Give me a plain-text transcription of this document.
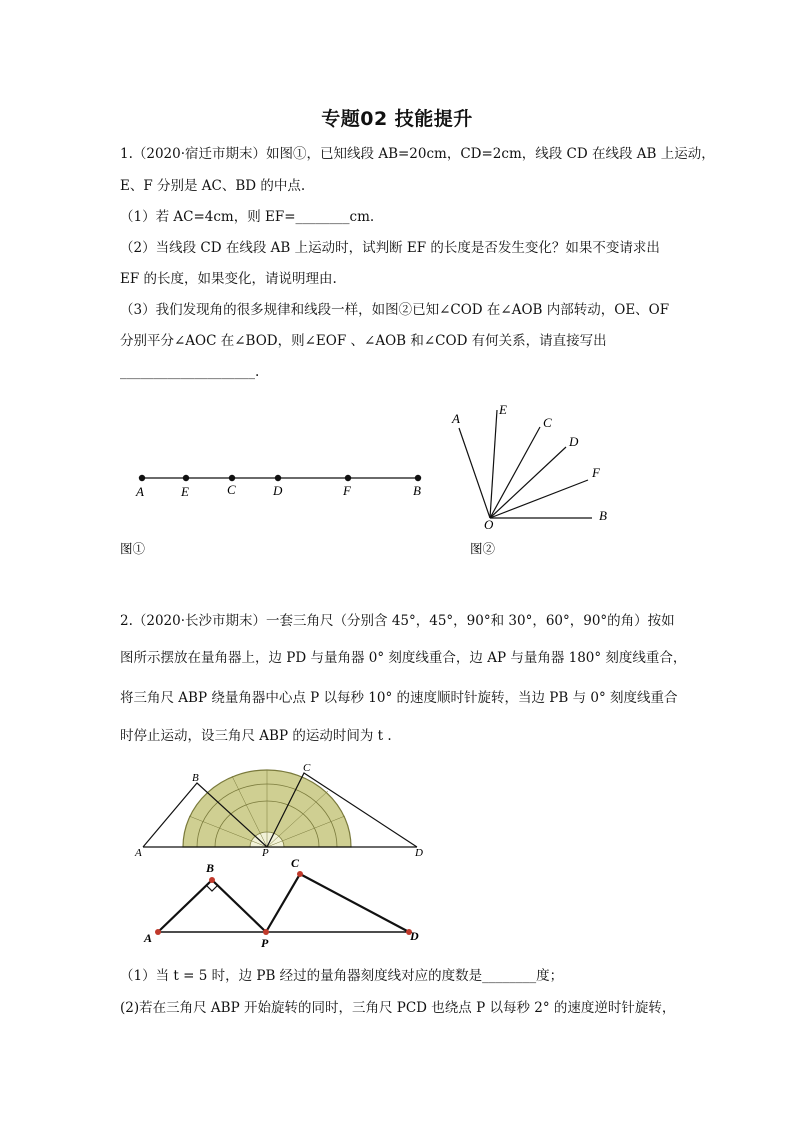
专题02 技能提升
1.（2020·宿迁市期末）如图①，已知线段 AB=20cm，CD=2cm，线段 CD 在线段 AB 上运动，
E、F 分别是 AC、BD 的中点.
（1）若 AC=4cm，则 EF=________cm.
（2）当线段 CD 在线段 AB 上运动时，试判断 EF 的长度是否发生变化？如果不变请求出
EF 的长度，如果变化，请说明理由.
（3）我们发现角的很多规律和线段一样，如图②已知∠COD 在∠AOB 内部转动，OE、OF
分别平分∠AOC 在∠BOD，则∠EOF 、∠AOB 和∠COD 有何关系，请直接写出
____________________.
A	E	C	D	F	B
A
E
C
D
F
B
O
图①	图②
2.（2020·长沙市期末）一套三角尺（分别含 45°，45°，90°和 30°，60°，90°的角）按如
图所示摆放在量角器上，边 PD 与量角器 0° 刻度线重合，边 AP 与量角器 180° 刻度线重合，
将三角尺 ABP 绕量角器中心点 P 以每秒 10° 的速度顺时针旋转，当边 PB 与 0° 刻度线重合
时停止运动，设三角尺 ABP 的运动时间为 t .
B
A	P
C
D
A
B
P
C
D
（1）当 t = 5 时，边 PB 经过的量角器刻度线对应的度数是________度；
(2)若在三角尺 ABP 开始旋转的同时，三角尺 PCD 也绕点 P 以每秒 2° 的速度逆时针旋转，
